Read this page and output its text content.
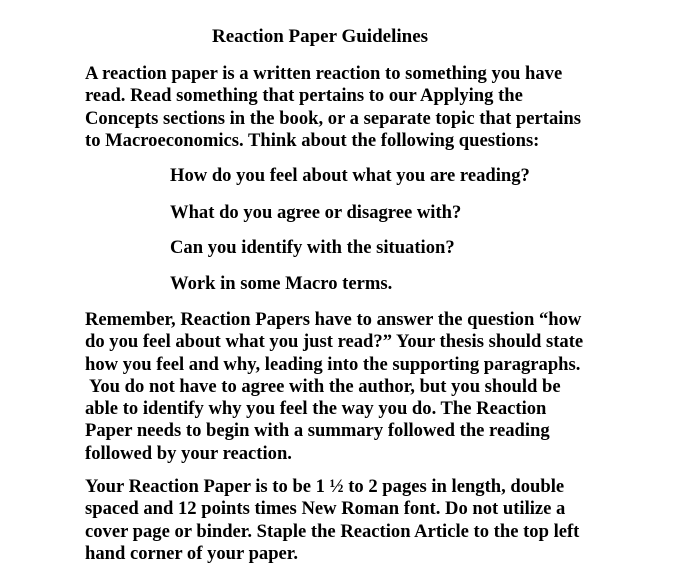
Reaction Paper Guidelines
A reaction paper is a written reaction to something you have
read. Read something that pertains to our Applying the
Concepts sections in the book, or a separate topic that pertains
to Macroeconomics. Think about the following questions:
How do you feel about what you are reading?
What do you agree or disagree with?
Can you identify with the situation?
Work in some Macro terms.
Remember, Reaction Papers have to answer the question “how
do you feel about what you just read?” Your thesis should state
how you feel and why, leading into the supporting paragraphs.
You do not have to agree with the author, but you should be
able to identify why you feel the way you do. The Reaction
Paper needs to begin with a summary followed the reading
followed by your reaction.
Your Reaction Paper is to be 1 ½ to 2 pages in length, double
spaced and 12 points times New Roman font. Do not utilize a
cover page or binder. Staple the Reaction Article to the top left
hand corner of your paper.
